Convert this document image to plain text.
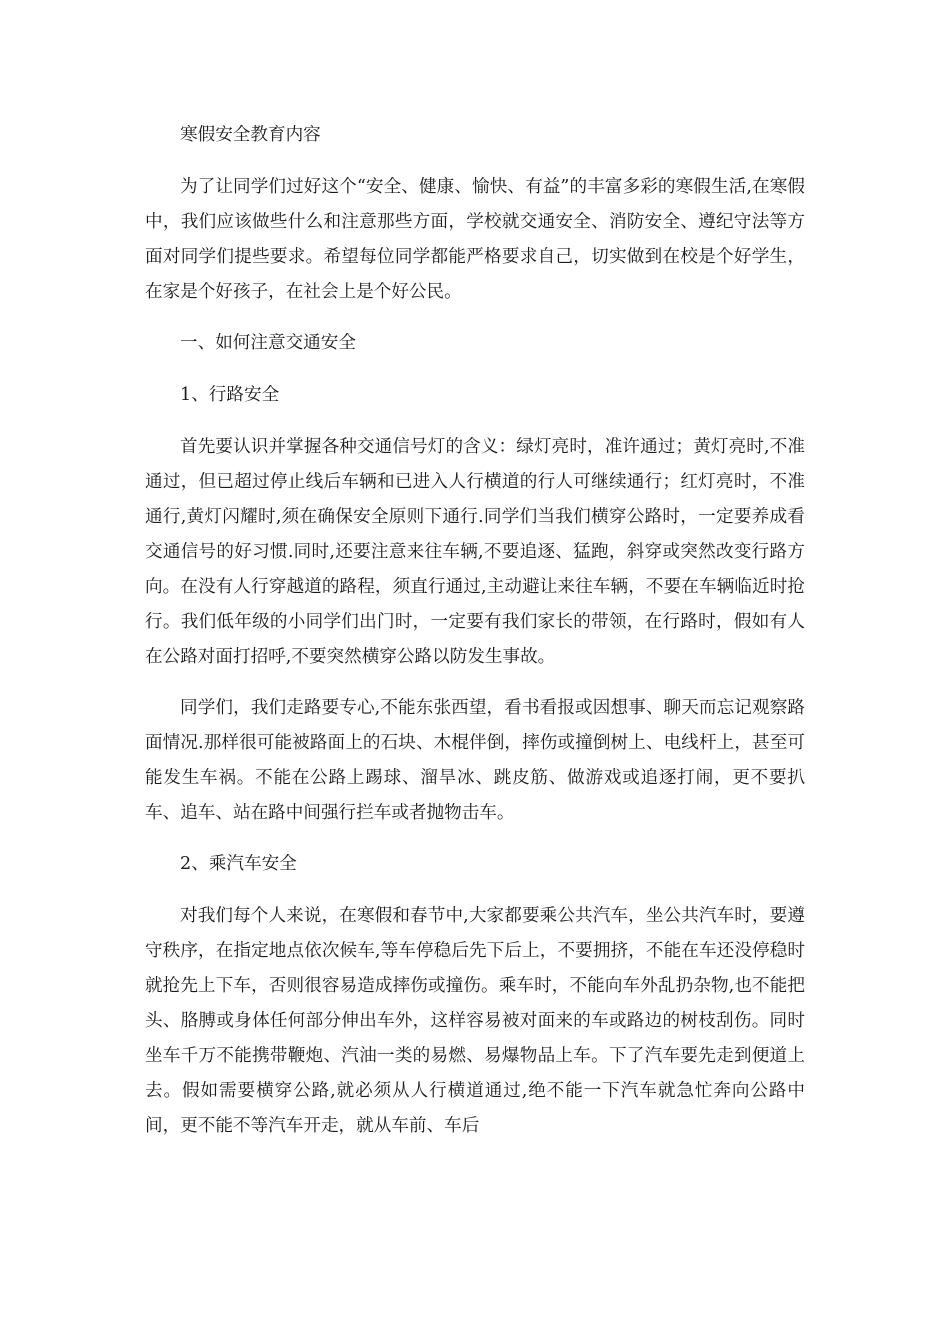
寒假安全教育内容

为了让同学们过好这个“安全、健康、愉快、有益”的丰富多彩的寒假生活,在寒假中，我们应该做些什么和注意那些方面，学校就交通安全、消防安全、遵纪守法等方面对同学们提些要求。希望每位同学都能严格要求自己，切实做到在校是个好学生，在家是个好孩子，在社会上是个好公民。

一、如何注意交通安全

1、行路安全

首先要认识并掌握各种交通信号灯的含义：绿灯亮时，准许通过；黄灯亮时,不准通过，但已超过停止线后车辆和已进入人行横道的行人可继续通行；红灯亮时，不准通行,黄灯闪耀时,须在确保安全原则下通行.同学们当我们横穿公路时，一定要养成看交通信号的好习惯.同时,还要注意来往车辆,不要追逐、猛跑，斜穿或突然改变行路方向。在没有人行穿越道的路程，须直行通过,主动避让来往车辆，不要在车辆临近时抢行。我们低年级的小同学们出门时，一定要有我们家长的带领，在行路时，假如有人在公路对面打招呼,不要突然横穿公路以防发生事故。

同学们，我们走路要专心,不能东张西望，看书看报或因想事、聊天而忘记观察路面情况.那样很可能被路面上的石块、木棍伴倒，摔伤或撞倒树上、电线杆上，甚至可能发生车祸。不能在公路上踢球、溜旱冰、跳皮筋、做游戏或追逐打闹，更不要扒车、追车、站在路中间强行拦车或者抛物击车。

2、乘汽车安全

对我们每个人来说，在寒假和春节中,大家都要乘公共汽车，坐公共汽车时，要遵守秩序，在指定地点依次候车,等车停稳后先下后上，不要拥挤，不能在车还没停稳时就抢先上下车，否则很容易造成摔伤或撞伤。乘车时，不能向车外乱扔杂物,也不能把头、胳膊或身体任何部分伸出车外，这样容易被对面来的车或路边的树枝刮伤。同时坐车千万不能携带鞭炮、汽油一类的易燃、易爆物品上车。下了汽车要先走到便道上去。假如需要横穿公路,就必须从人行横道通过,绝不能一下汽车就急忙奔向公路中间，更不能不等汽车开走，就从车前、车后
